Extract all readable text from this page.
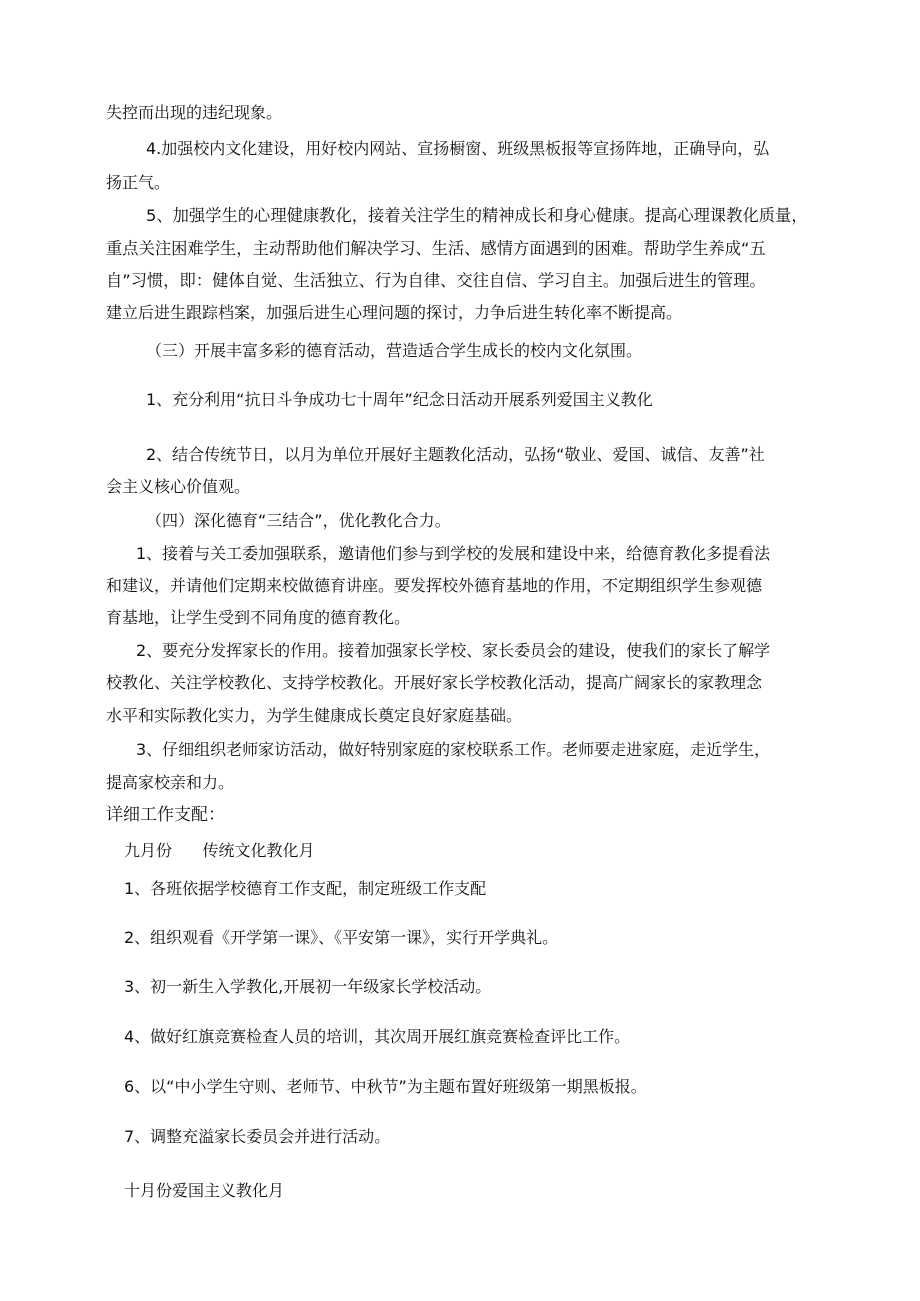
失控而出现的违纪现象。
4.加强校内文化建设，用好校内网站、宣扬橱窗、班级黑板报等宣扬阵地，正确导向，弘
扬正气。
5、加强学生的心理健康教化，接着关注学生的精神成长和身心健康。提高心理课教化质量，
重点关注困难学生，主动帮助他们解决学习、生活、感情方面遇到的困难。帮助学生养成“五
自”习惯，即：健体自觉、生活独立、行为自律、交往自信、学习自主。加强后进生的管理。
建立后进生跟踪档案，加强后进生心理问题的探讨，力争后进生转化率不断提高。
（三）开展丰富多彩的德育活动，营造适合学生成长的校内文化氛围。
1、充分利用“抗日斗争成功七十周年”纪念日活动开展系列爱国主义教化
2、结合传统节日，以月为单位开展好主题教化活动，弘扬“敬业、爱国、诚信、友善”社
会主义核心价值观。
（四）深化德育“三结合”，优化教化合力。
1、接着与关工委加强联系，邀请他们参与到学校的发展和建设中来，给德育教化多提看法
和建议，并请他们定期来校做德育讲座。要发挥校外德育基地的作用，不定期组织学生参观德
育基地，让学生受到不同角度的德育教化。
2、要充分发挥家长的作用。接着加强家长学校、家长委员会的建设，使我们的家长了解学
校教化、关注学校教化、支持学校教化。开展好家长学校教化活动，提高广阔家长的家教理念
水平和实际教化实力，为学生健康成长奠定良好家庭基础。
3、仔细组织老师家访活动，做好特别家庭的家校联系工作。老师要走进家庭，走近学生，
提高家校亲和力。
详细工作支配：
九月份      传统文化教化月
1、各班依据学校德育工作支配，制定班级工作支配
2、组织观看《开学第一课》、《平安第一课》，实行开学典礼。
3、初一新生入学教化,开展初一年级家长学校活动。
4、做好红旗竞赛检查人员的培训，其次周开展红旗竞赛检查评比工作。
6、以“中小学生守则、老师节、中秋节”为主题布置好班级第一期黑板报。
7、调整充溢家长委员会并进行活动。
十月份爱国主义教化月
